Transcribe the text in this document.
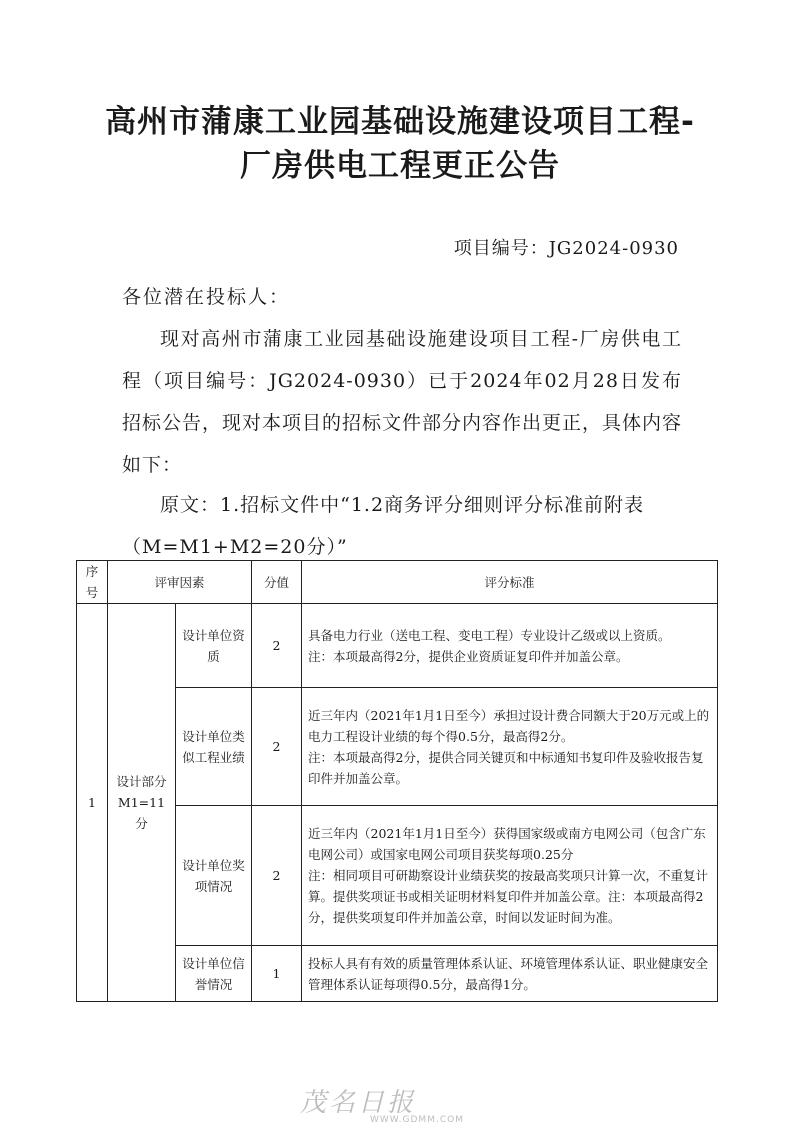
高州市蒲康工业园基础设施建设项目工程-厂房供电工程更正公告
项目编号：JG2024-0930
各位潜在投标人：

现对高州市蒲康工业园基础设施建设项目工程-厂房供电工程（项目编号：JG2024-0930）已于2024年02月28日发布招标公告，现对本项目的招标文件部分内容作出更正，具体内容如下：

原文：1.招标文件中“1.2商务评分细则评分标准前附表（M=M1+M2=20分）”

序号	评审因素		分值	评分标准
1	设计部分M1=11分	设计单位资质	2	具备电力行业（送电工程、变电工程）专业设计乙级或以上资质。
注：本项最高得2分，提供企业资质证复印件并加盖公章。

		设计单位类似工程业绩	2	近三年内（2021年1月1日至今）承担过设计费合同额大于20万元或上的电力工程设计业绩的每个得0.5分，最高得2分。
注：本项最高得2分，提供合同关键页和中标通知书复印件及验收报告复印件并加盖公章。

		设计单位奖项情况	2	近三年内（2021年1月1日至今）获得国家级或南方电网公司（包含广东电网公司）或国家电网公司项目获奖每项0.25分
注：相同项目可研勘察设计业绩获奖的按最高奖项只计算一次，不重复计算。提供奖项证书或相关证明材料复印件并加盖公章。注：本项最高得2分，提供奖项复印件并加盖公章，时间以发证时间为准。

		设计单位信誉情况	1	投标人具有有效的质量管理体系认证、环境管理体系认证、职业健康安全管理体系认证每项得0.5分，最高得1分。
茂名日报
WWW.GDMM.COM
